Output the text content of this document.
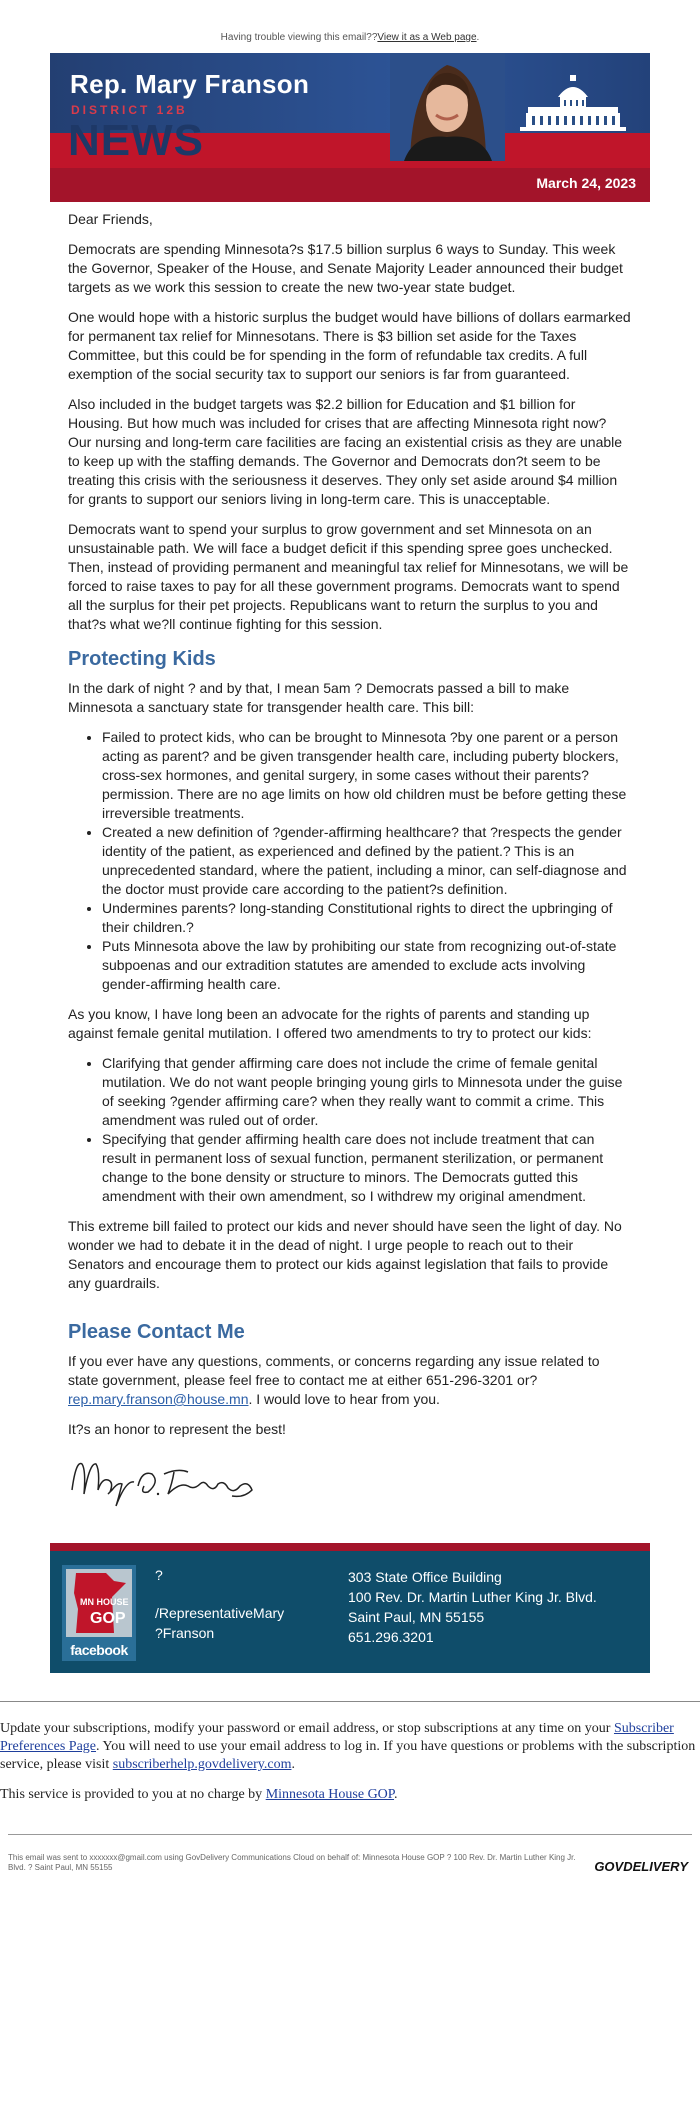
Having trouble viewing this email??View it as a Web page.
Rep. Mary Franson
DISTRICT 12B
NEWS
March 24, 2023

Dear Friends,

Democrats are spending Minnesota?s $17.5 billion surplus 6 ways to Sunday. This week the Governor, Speaker of the House, and Senate Majority Leader announced their budget targets as we work this session to create the new two-year state budget.

One would hope with a historic surplus the budget would have billions of dollars earmarked for permanent tax relief for Minnesotans. There is $3 billion set aside for the Taxes Committee, but this could be for spending in the form of refundable tax credits. A full exemption of the social security tax to support our seniors is far from guaranteed.

Also included in the budget targets was $2.2 billion for Education and $1 billion for Housing. But how much was included for crises that are affecting Minnesota right now? Our nursing and long-term care facilities are facing an existential crisis as they are unable to keep up with the staffing demands. The Governor and Democrats don?t seem to be treating this crisis with the seriousness it deserves. They only set aside around $4 million for grants to support our seniors living in long-term care. This is unacceptable.

Democrats want to spend your surplus to grow government and set Minnesota on an unsustainable path. We will face a budget deficit if this spending spree goes unchecked. Then, instead of providing permanent and meaningful tax relief for Minnesotans, we will be forced to raise taxes to pay for all these government programs. Democrats want to spend all the surplus for their pet projects. Republicans want to return the surplus to you and that?s what we?ll continue fighting for this session.

Protecting Kids

In the dark of night ? and by that, I mean 5am ? Democrats passed a bill to make Minnesota a sanctuary state for transgender health care. This bill:

• Failed to protect kids, who can be brought to Minnesota ?by one parent or a person acting as parent? and be given transgender health care, including puberty blockers, cross-sex hormones, and genital surgery, in some cases without their parents? permission. There are no age limits on how old children must be before getting these irreversible treatments.
• Created a new definition of ?gender-affirming healthcare? that ?respects the gender identity of the patient, as experienced and defined by the patient.? This is an unprecedented standard, where the patient, including a minor, can self-diagnose and the doctor must provide care according to the patient?s definition.
• Undermines parents? long-standing Constitutional rights to direct the upbringing of their children.?
• Puts Minnesota above the law by prohibiting our state from recognizing out-of-state subpoenas and our extradition statutes are amended to exclude acts involving gender-affirming health care.

As you know, I have long been an advocate for the rights of parents and standing up against female genital mutilation. I offered two amendments to try to protect our kids:

• Clarifying that gender affirming care does not include the crime of female genital mutilation. We do not want people bringing young girls to Minnesota under the guise of seeking ?gender affirming care? when they really want to commit a crime. This amendment was ruled out of order.
• Specifying that gender affirming health care does not include treatment that can result in permanent loss of sexual function, permanent sterilization, or permanent change to the bone density or structure to minors. The Democrats gutted this amendment with their own amendment, so I withdrew my original amendment.

This extreme bill failed to protect our kids and never should have seen the light of day. No wonder we had to debate it in the dead of night. I urge people to reach out to their Senators and encourage them to protect our kids against legislation that fails to provide any guardrails.

Please Contact Me

If you ever have any questions, comments, or concerns regarding any issue related to state government, please feel free to contact me at either 651-296-3201 or?
rep.mary.franson@house.mn. I would love to hear from you.

It?s an honor to represent the best!

MN HOUSE
GOP
facebook
?
/RepresentativeMary
?Franson
303 State Office Building
100 Rev. Dr. Martin Luther King Jr. Blvd.
Saint Paul, MN 55155
651.296.3201

Update your subscriptions, modify your password or email address, or stop subscriptions at any time on your Subscriber Preferences Page. You will need to use your email address to log in. If you have questions or problems with the subscription service, please visit subscriberhelp.govdelivery.com.

This service is provided to you at no charge by Minnesota House GOP.

This email was sent to xxxxxxx@gmail.com using GovDelivery Communications Cloud on behalf of: Minnesota House GOP ? 100 Rev. Dr. Martin Luther King Jr. Blvd. ? Saint Paul, MN 55155	GOVDELIVERY
